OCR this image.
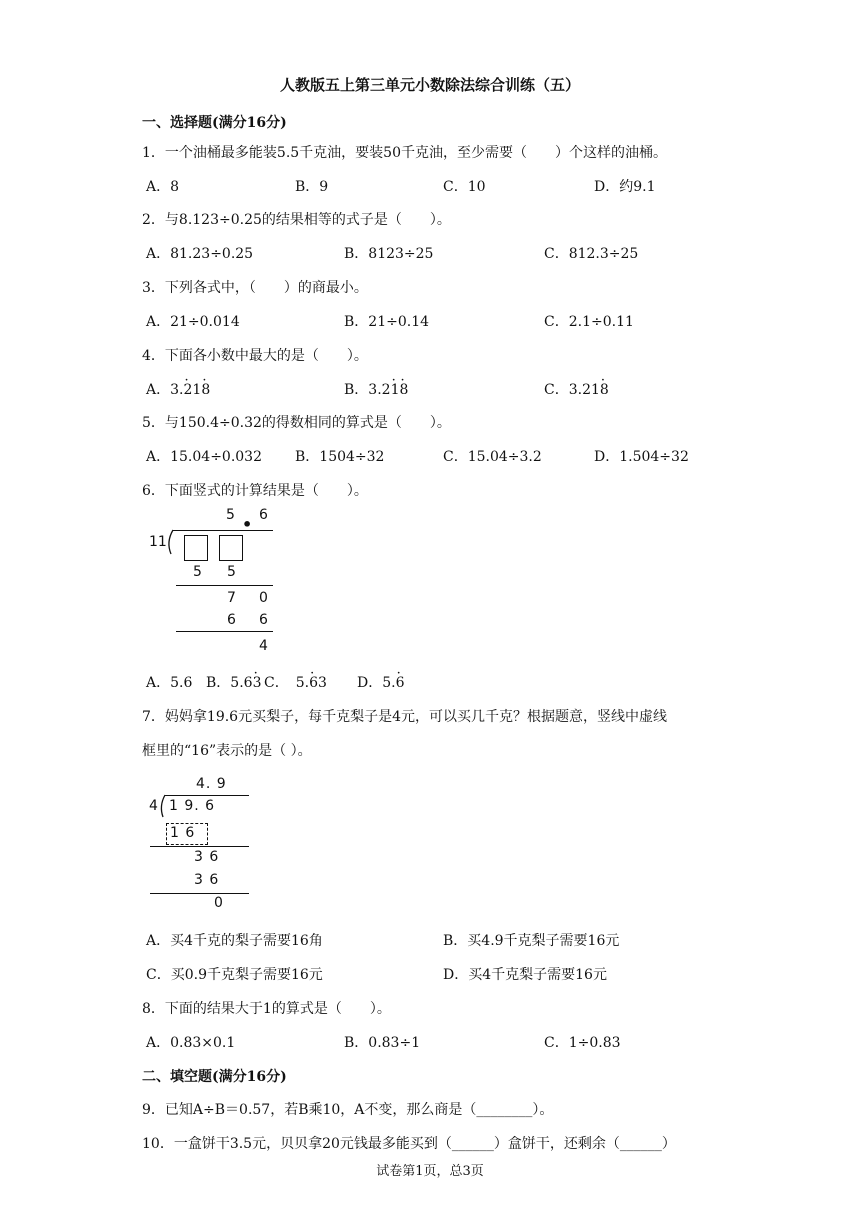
人教版五上第三单元小数除法综合训练（五）
一、选择题(满分16分)
1．一个油桶最多能装5.5千克油，要装50千克油，至少需要（　　）个这样的油桶。
A．8	B．9	C．10	D．约9.1
2．与8.123÷0.25的结果相等的式子是（　　）。
A．81.23÷0.25	B．8123÷25	C．812.3÷25
3．下列各式中，（　　）的商最小。
A．21÷0.014	B．21÷0.14	C．2.1÷0.11
4．下面各小数中最大的是（　　）。
A．3.· 21· 8	B．3.2· 1· 8	C．3.21· 8
5．与150.4÷0.32的得数相同的算式是（　　）。
A．15.04÷0.032 B．1504÷32	C．15.04÷3.2	D．1.504÷32
6．下面竖式的计算结果是（　　）。
5 • 6
11
5 5
7 0
6 6
4
A．5.6 B．5.6· 3 C．　5.· 63 D．5.· 6
7．妈妈拿19.6元买梨子，每千克梨子是4元，可以买几千克？根据题意，竖线中虚线
框里的“16”表示的是（ ）。
4. 9
4 1 9. 6
1 6
3 6
3 6
0
A．买4千克的梨子需要16角	B．买4.9千克梨子需要16元
C．买0.9千克梨子需要16元	D．买4千克梨子需要16元
8．下面的结果大于1的算式是（　　）。
A．0.83×0.1	B．0.83÷1	C．1÷0.83
二、填空题(满分16分)
9．已知A÷B＝0.57，若B乘10，A不变，那么商是（________）。
10．一盒饼干3.5元，贝贝拿20元钱最多能买到（______）盒饼干，还剩余（______）
试卷第1页，总3页
